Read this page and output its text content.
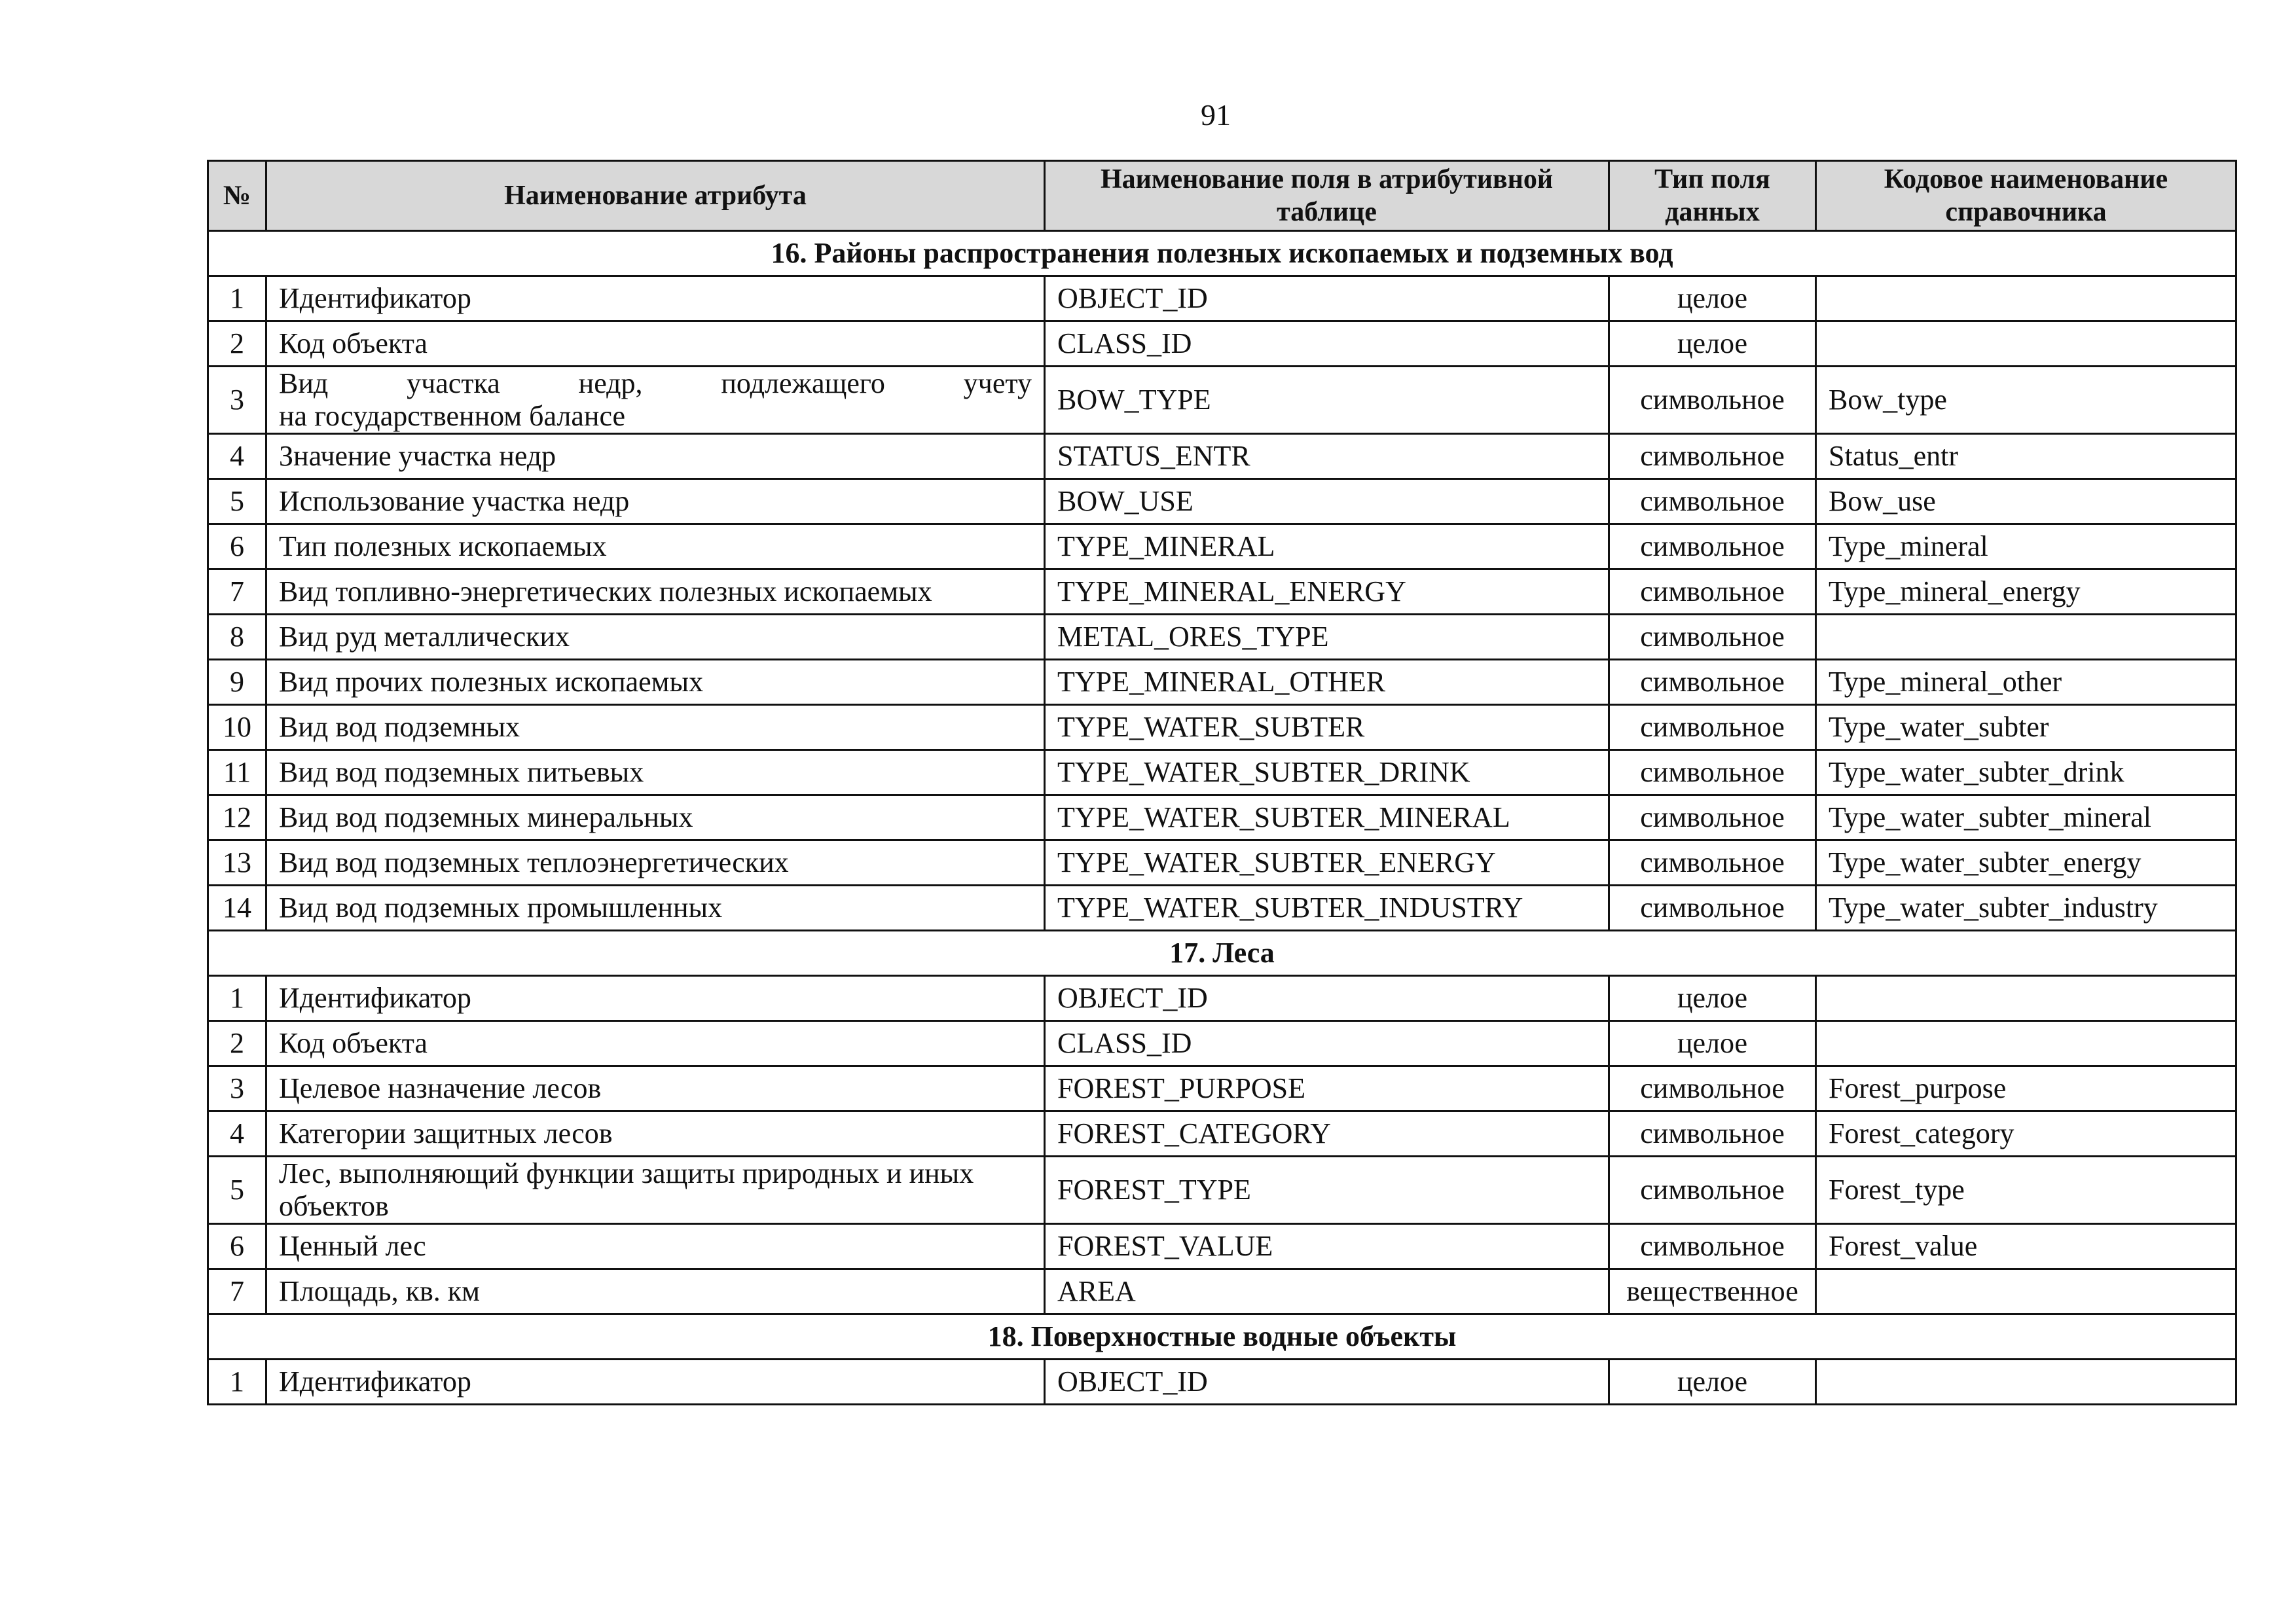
91
№	Наименование атрибута	Наименование поля в атрибутивной таблице	Тип поля данных	Кодовое наименование справочника
16. Районы распространения полезных ископаемых и подземных вод				
1	Идентификатор	OBJECT_ID	целое	
2	Код объекта	CLASS_ID	целое	
3	Вид участка недр, подлежащего учету
на государственном балансе	BOW_TYPE	символьное	Bow_type
4	Значение участка недр	STATUS_ENTR	символьное	Status_entr
5	Использование участка недр	BOW_USE	символьное	Bow_use
6	Тип полезных ископаемых	TYPE_MINERAL	символьное	Type_mineral
7	Вид топливно-энергетических полезных ископаемых	TYPE_MINERAL_ENERGY	символьное	Type_mineral_energy
8	Вид руд металлических	METAL_ORES_TYPE	символьное	
9	Вид прочих полезных ископаемых	TYPE_MINERAL_OTHER	символьное	Type_mineral_other
10	Вид вод подземных	TYPE_WATER_SUBTER	символьное	Type_water_subter
11	Вид вод подземных питьевых	TYPE_WATER_SUBTER_DRINK	символьное	Type_water_subter_drink
12	Вид вод подземных минеральных	TYPE_WATER_SUBTER_MINERAL	символьное	Type_water_subter_mineral
13	Вид вод подземных теплоэнергетических	TYPE_WATER_SUBTER_ENERGY	символьное	Type_water_subter_energy
14	Вид вод подземных промышленных	TYPE_WATER_SUBTER_INDUSTRY	символьное	Type_water_subter_industry
17. Леса				
1	Идентификатор	OBJECT_ID	целое	
2	Код объекта	CLASS_ID	целое	
3	Целевое назначение лесов	FOREST_PURPOSE	символьное	Forest_purpose
4	Категории защитных лесов	FOREST_CATEGORY	символьное	Forest_category
5	Лес, выполняющий функции защиты природных и иных
объектов	FOREST_TYPE	символьное	Forest_type
6	Ценный лес	FOREST_VALUE	символьное	Forest_value
7	Площадь, кв. км	AREA	вещественное	
18. Поверхностные водные объекты				
1	Идентификатор	OBJECT_ID	целое	
